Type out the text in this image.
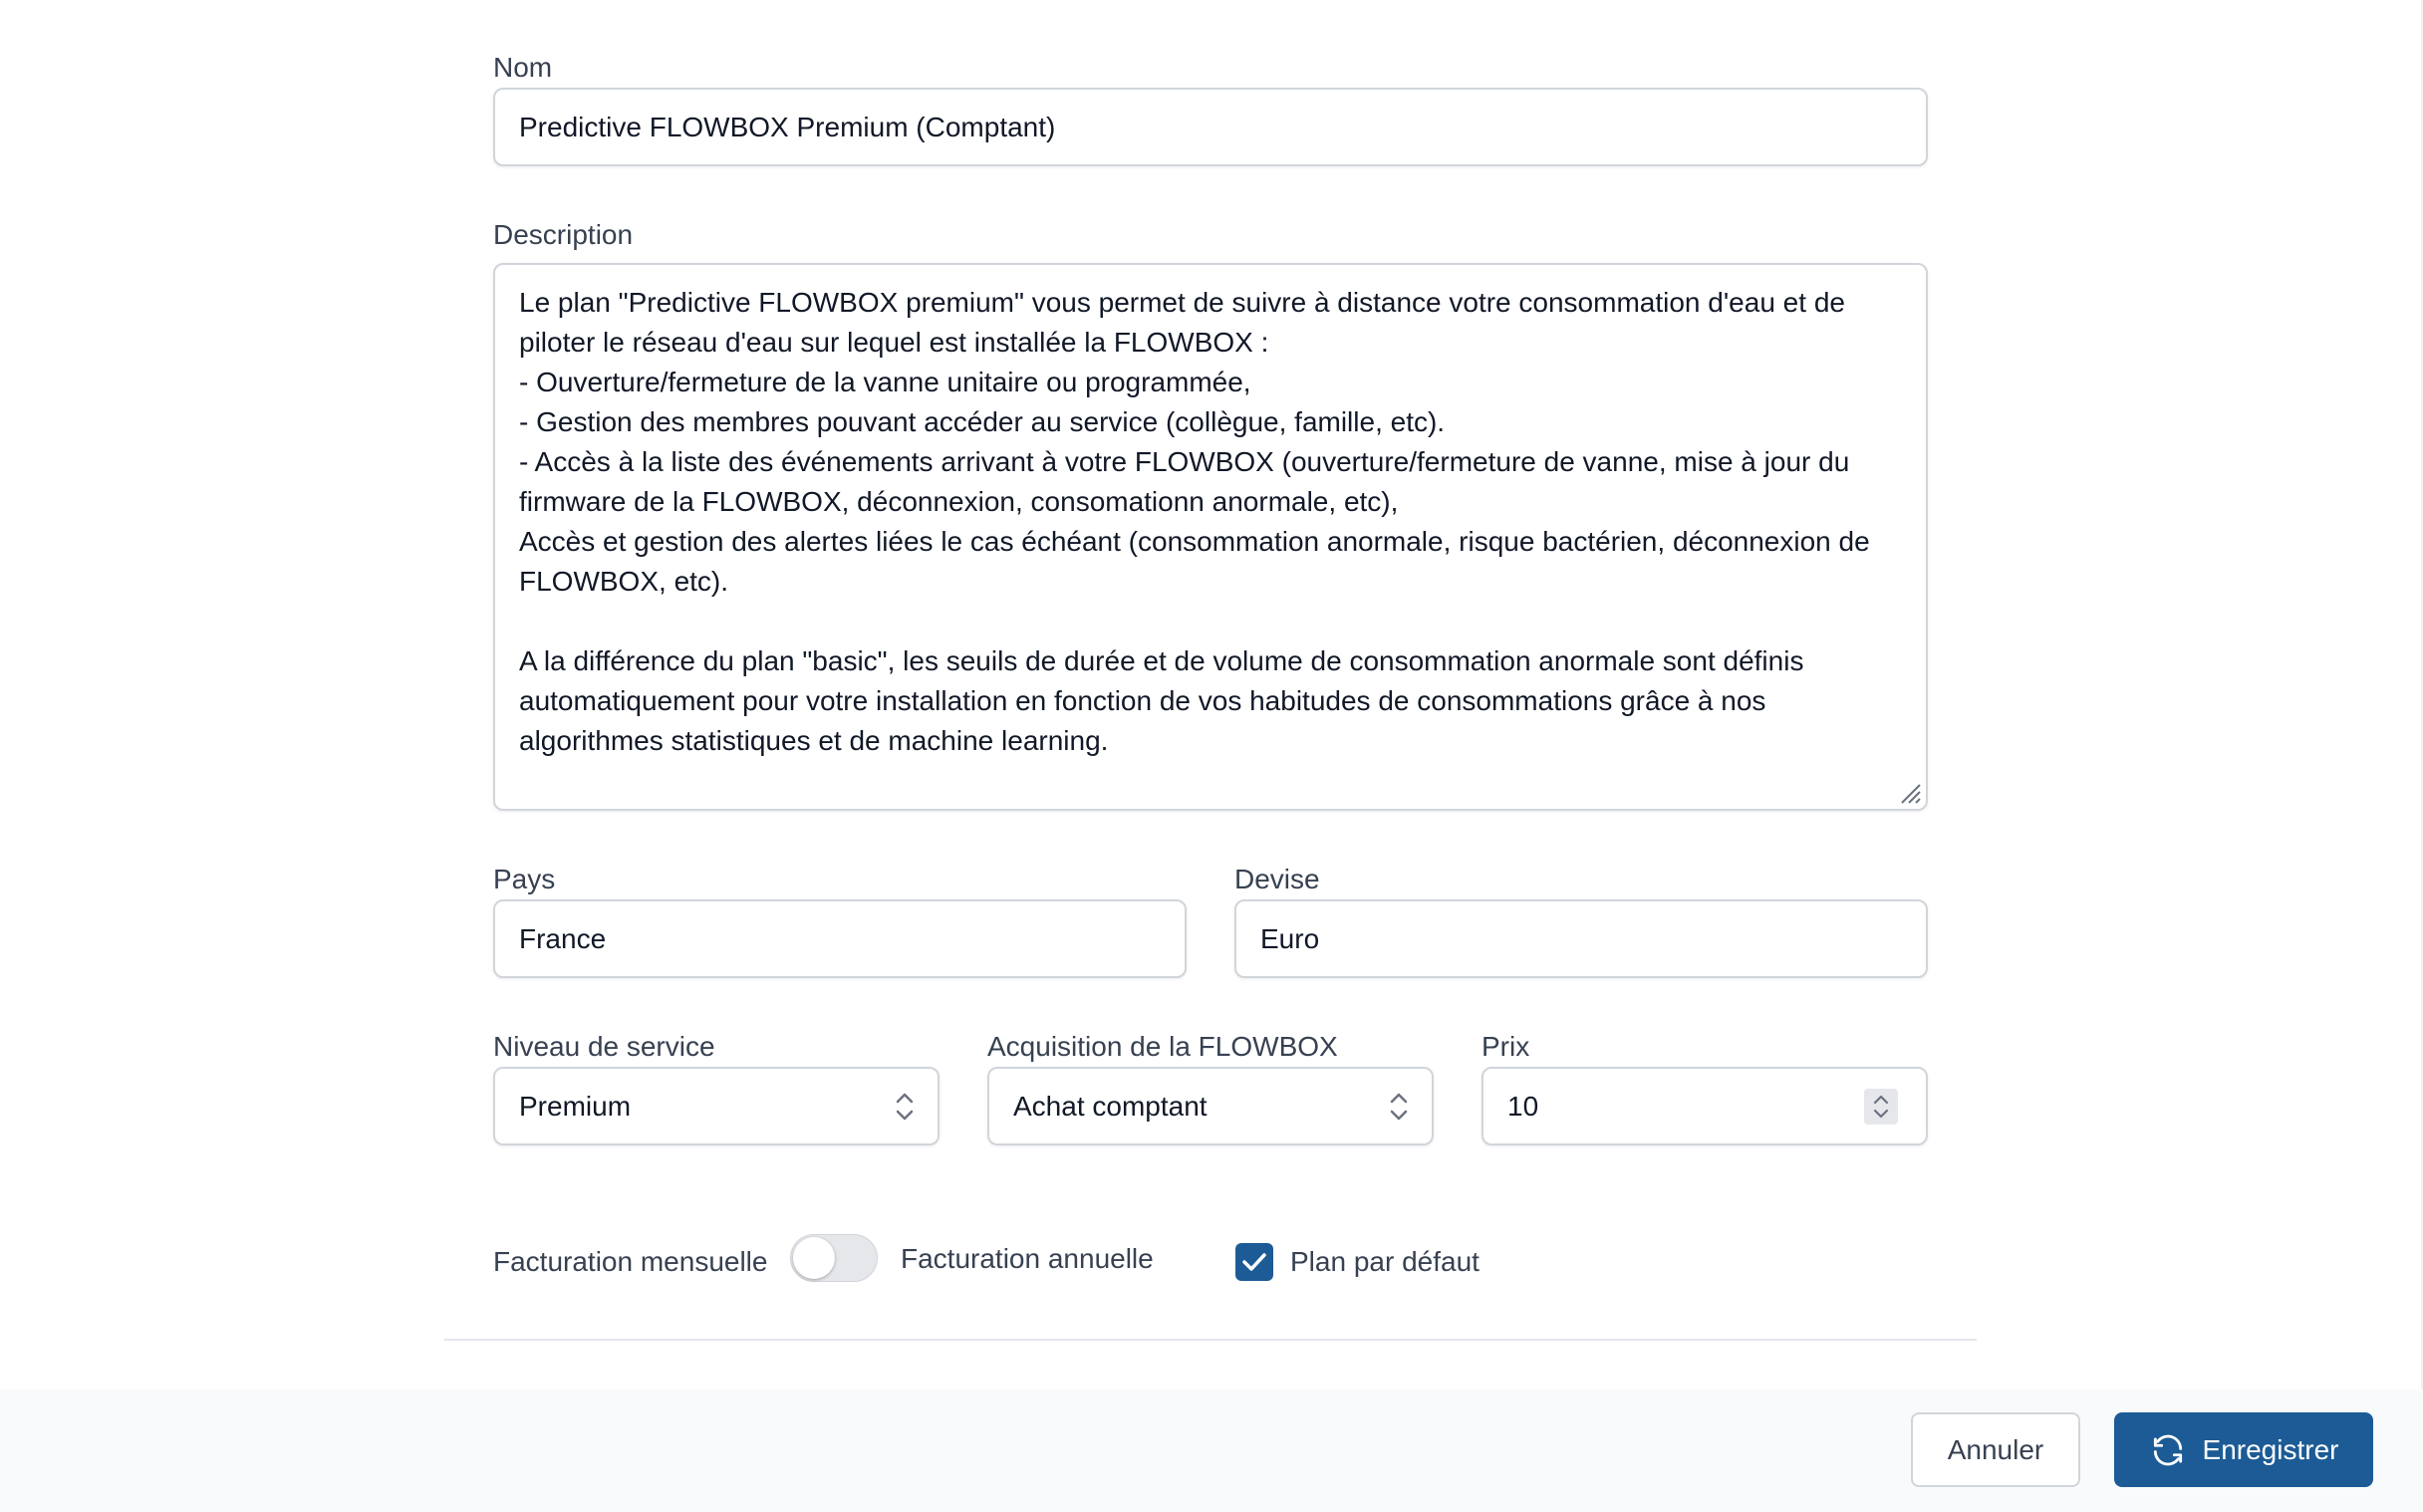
Nom
Predictive FLOWBOX Premium (Comptant)
Description
Le plan "Predictive FLOWBOX premium" vous permet de suivre à distance votre consommation d'eau et de piloter le réseau d'eau sur lequel est installée la FLOWBOX : - Ouverture/fermeture de la vanne unitaire ou programmée, - Gestion des membres pouvant accéder au service (collègue, famille, etc). - Accès à la liste des événements arrivant à votre FLOWBOX (ouverture/fermeture de vanne, mise à jour du firmware de la FLOWBOX, déconnexion, consomationn anormale, etc), Accès et gestion des alertes liées le cas échéant (consommation anormale, risque bactérien, déconnexion de FLOWBOX, etc). A la différence du plan "basic", les seuils de durée et de volume de consommation anormale sont définis automatiquement pour votre installation en fonction de vos habitudes de consommations grâce à nos algorithmes statistiques et de machine learning.
Pays
France
Devise
Euro
Niveau de service
Premium
Acquisition de la FLOWBOX
Achat comptant
Prix
10
Facturation mensuelle	Facturation annuelle	Plan par défaut
Annuler	Enregistrer
